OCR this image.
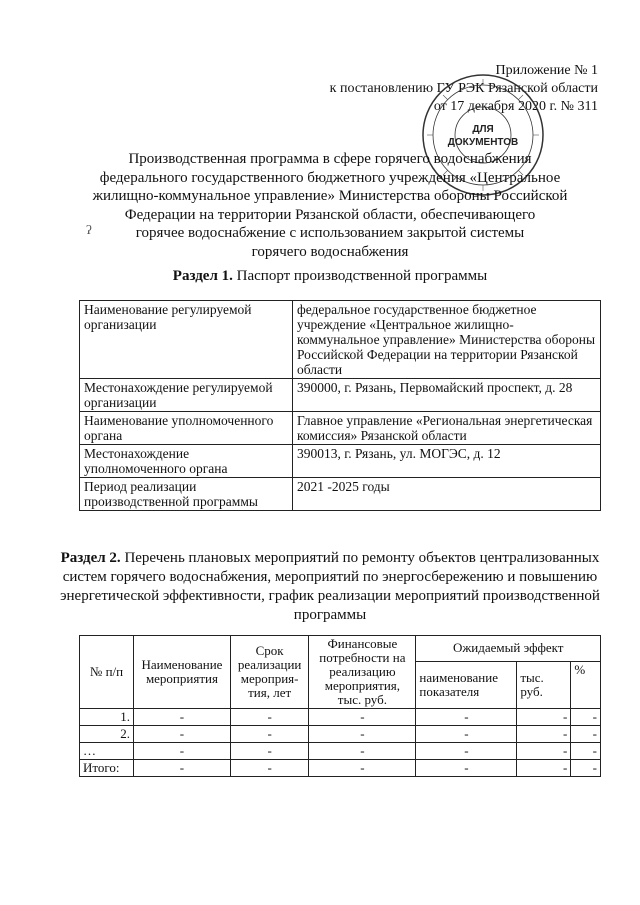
Приложение № 1
к постановлению ГУ РЭК Рязанской области
от 17 декабря 2020 г. № 311
ДЛЯ
ДОКУМЕНТОВ
Производственная программа в сфере горячего водоснабжения
федерального государственного бюджетного учреждения «Центральное
жилищно-коммунальное управление» Министерства обороны Российской
Федерации на территории Рязанской области, обеспечивающего
горячее водоснабжение с использованием закрытой системы
горячего водоснабжения
ʔ
Раздел 1. Паспорт производственной программы
Наименование регулируемой организации	федеральное государственное бюджетное учреждение «Центральное жилищно-коммунальное управление» Министерства обороны Российской Федерации на территории Рязанской области
Местонахождение регулируемой организации	390000, г. Рязань, Первомайский проспект, д. 28
Наименование уполномоченного органа	Главное управление «Региональная энергетическая комиссия» Рязанской области
Местонахождение уполномоченного органа	390013, г. Рязань, ул. МОГЭС, д. 12
Период реализации производственной программы	2021 -2025 годы
Раздел 2. Перечень плановых мероприятий по ремонту объектов централизованных систем горячего водоснабжения, мероприятий по энергосбережению и повышению энергетической эффективности, график реализации мероприятий производственной программы
№ п/п	Наименование мероприятия	Срок реализации мероприя-тия, лет	Финансовые потребности на реализацию мероприятия, тыс. руб.	Ожидаемый эффект		
				наименование показателя	тыс. руб.	%
1.	-	-	-	-	-	-
2.	-	-	-	-	-	-
…	-	-	-	-	-	-
Итого:	-	-	-	-	-	-
